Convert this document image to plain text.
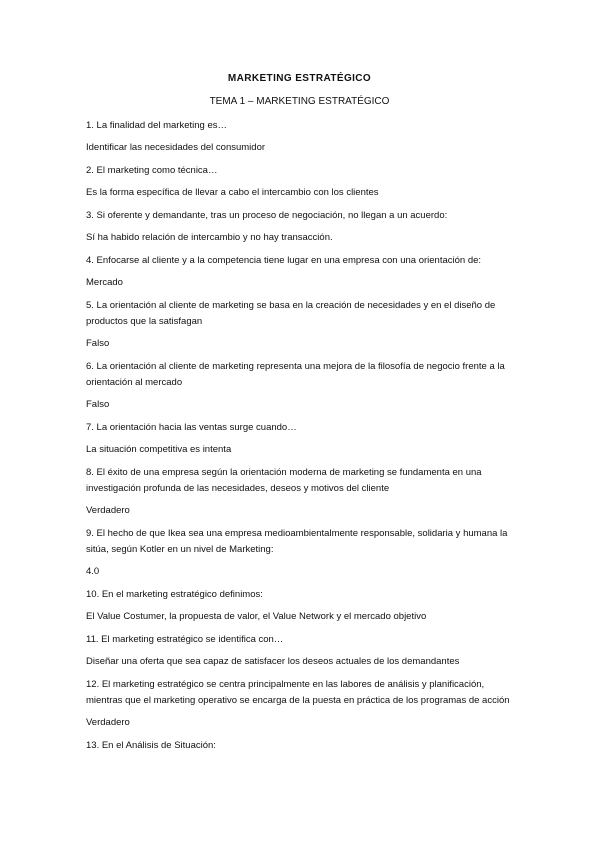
MARKETING ESTRATÉGICO
TEMA 1 – MARKETING ESTRATÉGICO

1. La finalidad del marketing es…

Identificar las necesidades del consumidor

2. El marketing como técnica…

Es la forma específica de llevar a cabo el intercambio con los clientes

3. Si oferente y demandante, tras un proceso de negociación, no llegan a un acuerdo:

Sí ha habido relación de intercambio y no hay transacción.

4. Enfocarse al cliente y a la competencia tiene lugar en una empresa con una orientación de:

Mercado

5. La orientación al cliente de marketing se basa en la creación de necesidades y en el diseño de productos que la satisfagan

Falso

6. La orientación al cliente de marketing representa una mejora de la filosofía de negocio frente a la orientación al mercado

Falso

7. La orientación hacia las ventas surge cuando…

La situación competitiva es intenta

8. El éxito de una empresa según la orientación moderna de marketing se fundamenta en una investigación profunda de las necesidades, deseos y motivos del cliente

Verdadero

9. El hecho de que Ikea sea una empresa medioambientalmente responsable, solidaria y humana la sitúa, según Kotler en un nivel de Marketing:

4.0

10. En el marketing estratégico definimos:

El Value Costumer, la propuesta de valor, el Value Network y el mercado objetivo

11. El marketing estratégico se identifica con…

Diseñar una oferta que sea capaz de satisfacer los deseos actuales de los demandantes

12. El marketing estratégico se centra principalmente en las labores de análisis y planificación, mientras que el marketing operativo se encarga de la puesta en práctica de los programas de acción

Verdadero

13. En el Análisis de Situación:
